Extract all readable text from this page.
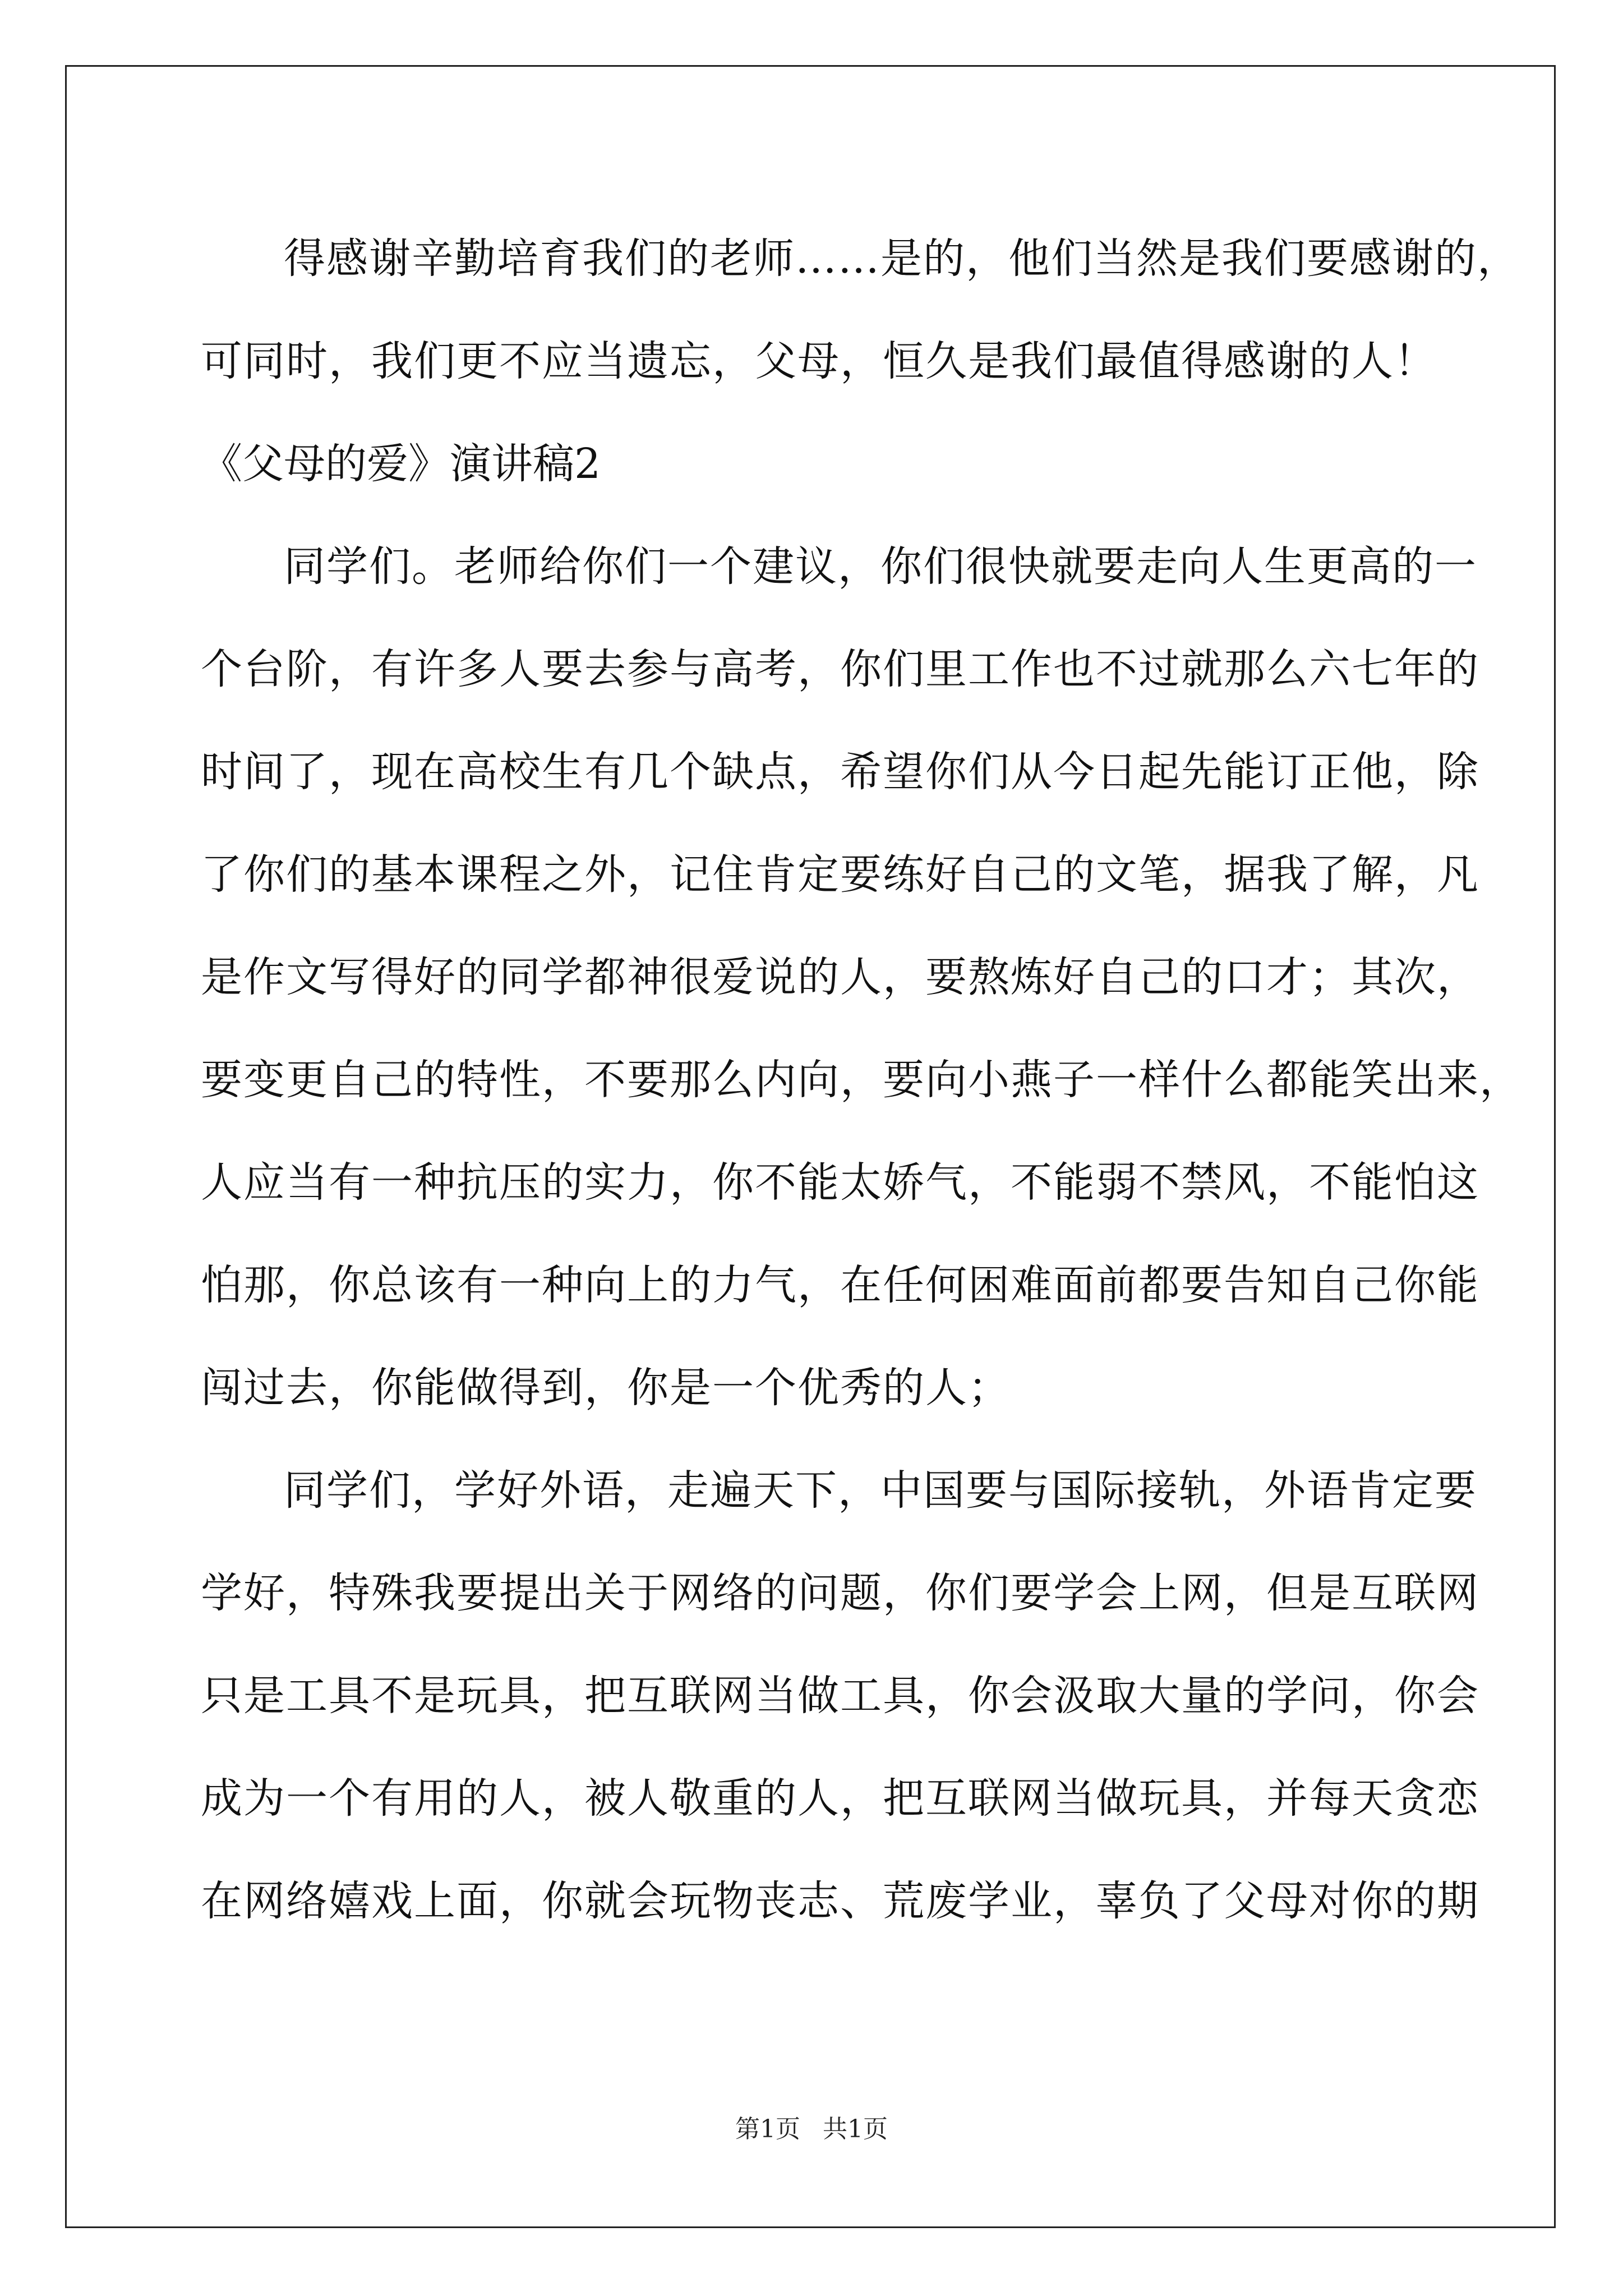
得感谢辛勤培育我们的老师……是的，他们当然是我们要感谢的，
可同时，我们更不应当遗忘，父母，恒久是我们最值得感谢的人！
《父母的爱》演讲稿2
同学们。老师给你们一个建议，你们很快就要走向人生更高的一
个台阶，有许多人要去参与高考，你们里工作也不过就那么六七年的
时间了，现在高校生有几个缺点，希望你们从今日起先能订正他，除
了你们的基本课程之外，记住肯定要练好自己的文笔，据我了解，凡
是作文写得好的同学都神很爱说的人，要熬炼好自己的口才；其次，
要变更自己的特性，不要那么内向，要向小燕子一样什么都能笑出来，
人应当有一种抗压的实力，你不能太娇气，不能弱不禁风，不能怕这
怕那，你总该有一种向上的力气，在任何困难面前都要告知自己你能
闯过去，你能做得到，你是一个优秀的人；
同学们，学好外语，走遍天下，中国要与国际接轨，外语肯定要
学好，特殊我要提出关于网络的问题，你们要学会上网，但是互联网
只是工具不是玩具，把互联网当做工具，你会汲取大量的学问，你会
成为一个有用的人，被人敬重的人，把互联网当做玩具，并每天贪恋
在网络嬉戏上面，你就会玩物丧志、荒废学业，辜负了父母对你的期
第1页 共1页
